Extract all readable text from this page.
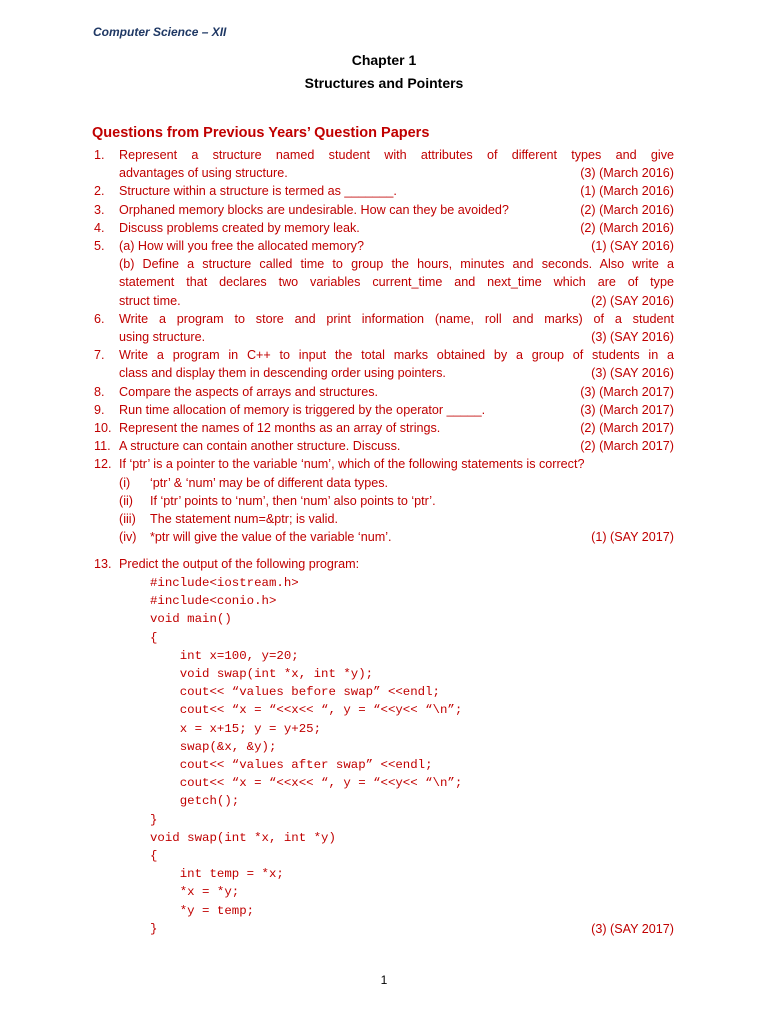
Computer Science – XII
Chapter 1
Structures and Pointers
Questions from Previous Years’ Question Papers
1. Represent a structure named student with attributes of different types and give
advantages of using structure.	(3) (March 2016)
2. Structure within a structure is termed as _______.	(1) (March 2016)
3. Orphaned memory blocks are undesirable. How can they be avoided?	(2) (March 2016)
4. Discuss problems created by memory leak.	(2) (March 2016)
5. (a) How will you free the allocated memory?	(1) (SAY 2016)
(b) Define a structure called time to group the hours, minutes and seconds. Also write a
statement that declares two variables current_time and next_time which are of type
struct time.	(2) (SAY 2016)
6. Write a program to store and print information (name, roll and marks) of a student
using structure.	(3) (SAY 2016)
7. Write a program in C++ to input the total marks obtained by a group of students in a
class and display them in descending order using pointers.	(3) (SAY 2016)
8. Compare the aspects of arrays and structures.	(3) (March 2017)
9. Run time allocation of memory is triggered by the operator _____.	(3) (March 2017)
10. Represent the names of 12 months as an array of strings.	(2) (March 2017)
11. A structure can contain another structure. Discuss.	(2) (March 2017)
12. If ‘ptr’ is a pointer to the variable ‘num’, which of the following statements is correct?
(i) ‘ptr’ & ‘num’ may be of different data types.
(ii) If ‘ptr’ points to ‘num’, then ‘num’ also points to ‘ptr’.
(iii) The statement num=&ptr; is valid.
(iv) *ptr will give the value of the variable ‘num’.	(1) (SAY 2017)
13. Predict the output of the following program:
#include<iostream.h>
#include<conio.h>
void main()
{
int x=100, y=20;
void swap(int *x, int *y);
cout<< “values before swap” <<endl;
cout<< “x = “<<x<< “, y = “<<y<< “\n”;
x = x+15; y = y+25;
swap(&x, &y);
cout<< “values after swap” <<endl;
cout<< “x = “<<x<< “, y = “<<y<< “\n”;
getch();
}
void swap(int *x, int *y)
{
int temp = *x;
*x = *y;
*y = temp;
}	(3) (SAY 2017)
1
